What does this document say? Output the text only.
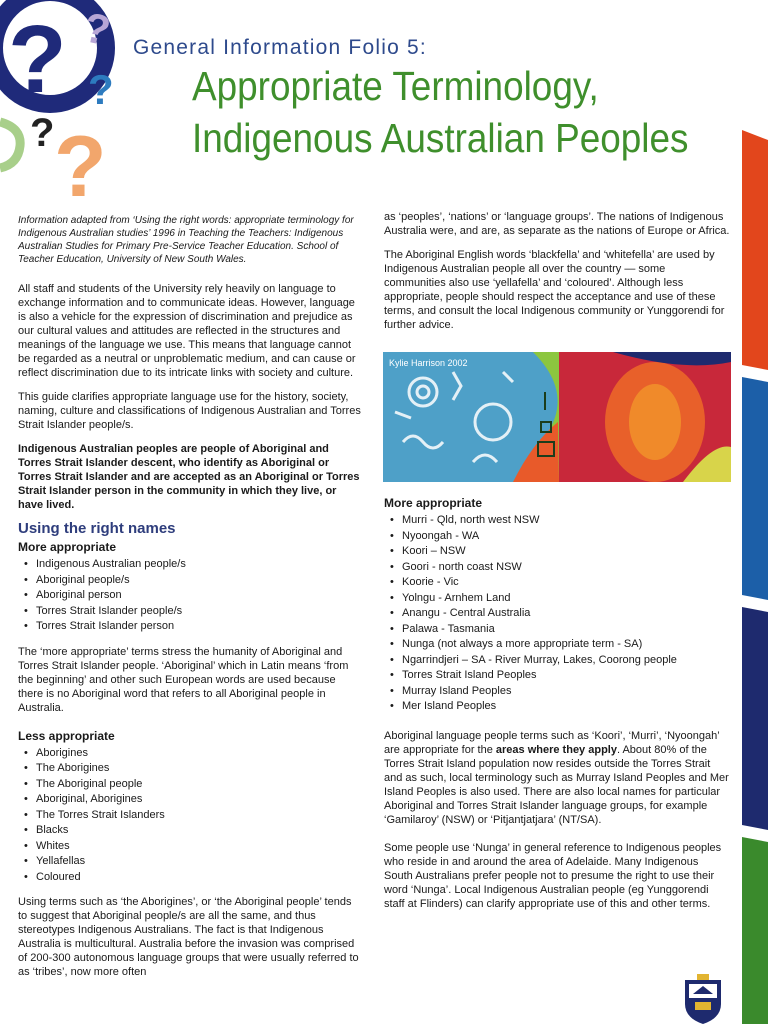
? ?
?
? ?
General Information Folio 5:
Appropriate Terminology,
Indigenous Australian Peoples

Information adapted from ‘Using the right words: appropriate terminology for Indigenous Australian studies’ 1996 in Teaching the Teachers: Indigenous Australian Studies for Primary Pre-Service Teacher Education. School of Teacher Education, University of New South Wales.

All staff and students of the University rely heavily on language to exchange information and to communicate ideas. However, language is also a vehicle for the expression of discrimination and prejudice as our cultural values and attitudes are reflected in the structures and meanings of the language we use. This means that language cannot be regarded as a neutral or unproblematic medium, and can cause or reflect discrimination due to its intricate links with society and culture.

This guide clarifies appropriate language use for the history, society, naming, culture and classifications of Indigenous Australian and Torres Strait Islander people/s.

Indigenous Australian peoples are people of Aboriginal and Torres Strait Islander descent, who identify as Aboriginal or Torres Strait Islander and are accepted as an Aboriginal or Torres Strait Islander person in the community in which they live, or have lived.

Using the right names
More appropriate
• Indigenous Australian people/s
• Aboriginal people/s
• Aboriginal person
• Torres Strait Islander people/s
• Torres Strait Islander person

The ‘more appropriate’ terms stress the humanity of Aboriginal and Torres Strait Islander people. ‘Aboriginal’ which in Latin means ‘from the beginning’ and other such European words are used because there is no Aboriginal word that refers to all Aboriginal people in Australia.

Less appropriate
• Aborigines
• The Aborigines
• The Aboriginal people
• Aboriginal, Aborigines
• The Torres Strait Islanders
• Blacks
• Whites
• Yellafellas
• Coloured

Using terms such as ‘the Aborigines’, or ‘the Aboriginal people’ tends to suggest that Aboriginal people/s are all the same, and thus stereotypes Indigenous Australians. The fact is that Indigenous Australia is multicultural. Australia before the invasion was comprised of 200-300 autonomous language groups that were usually referred to as ‘tribes’, now more often

as ‘peoples’, ‘nations’ or ‘language groups’. The nations of Indigenous Australia were, and are, as separate as the nations of Europe or Africa.

The Aboriginal English words ‘blackfella’ and ‘whitefella’ are used by Indigenous Australian people all over the country — some communities also use ‘yellafella’ and ‘coloured’. Although less appropriate, people should respect the acceptance and use of these terms, and consult the local Indigenous community or Yunggorendi for further advice.

Kylie Harrison 2002
More appropriate
• Murri - Qld, north west NSW
• Nyoongah - WA
• Koori – NSW
• Goori - north coast NSW
• Koorie - Vic
• Yolngu - Arnhem Land
• Anangu - Central Australia
• Palawa - Tasmania
• Nunga (not always a more appropriate term - SA)
• Ngarrindjeri – SA - River Murray, Lakes, Coorong people
• Torres Strait Island Peoples
• Murray Island Peoples
• Mer Island Peoples

Aboriginal language people terms such as ‘Koori’, ‘Murri’, ‘Nyoongah’ are appropriate for the areas where they apply. About 80% of the Torres Strait Island population now resides outside the Torres Strait and as such, local terminology such as Murray Island Peoples and Mer Island Peoples is also used. There are also local names for particular Aboriginal and Torres Strait Islander language groups, for example ‘Gamilaroy’ (NSW) or ‘Pitjantjatjara’ (NT/SA).

Some people use ‘Nunga’ in general reference to Indigenous peoples who reside in and around the area of Adelaide. Many Indigenous South Australians prefer people not to presume the right to use their word ‘Nunga’. Local Indigenous Australian people (eg Yunggorendi staff at Flinders) can clarify appropriate use of this and other terms.
